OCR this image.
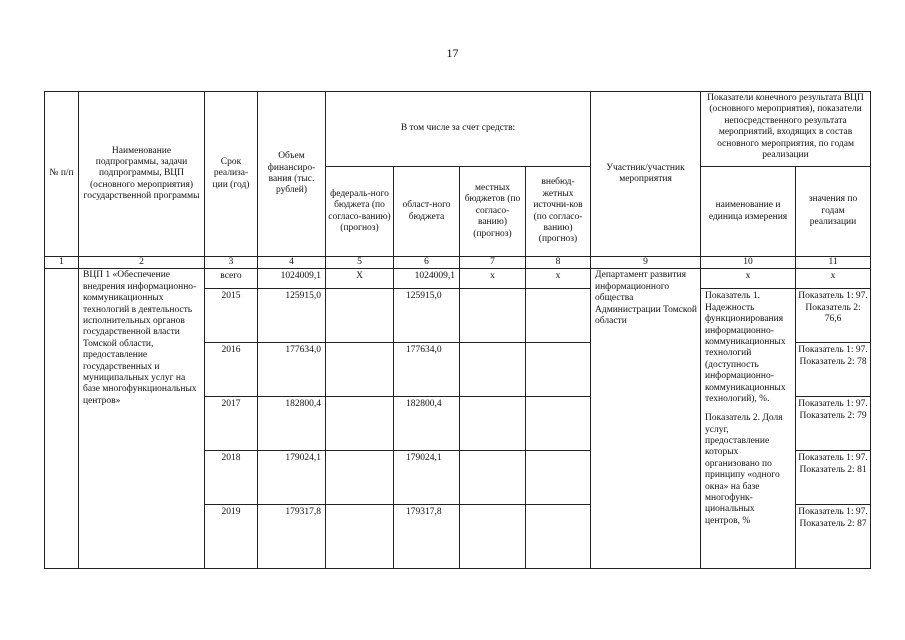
17
№ п/п	Наименование подпрограммы, задачи подпрограммы, ВЦП (основного мероприятия) государственной программы	Срок реализа-ции (год)	Объем финансиро-вания (тыс. рублей)	В том числе за счет средств:				Участник/участник мероприятия	Показатели конечного результата ВЦП (основного мероприятия), показатели непосредственного результата мероприятий, входящих в состав основного мероприятия, по годам реализации	
				федераль-ного бюджета (по согласо-ванию) (прогноз)	област-ного бюджета	местных бюджетов (по согласо-ванию) (прогноз)	внебюд-жетных источни-ков (по согласо-ванию) (прогноз)		наименование и единица измерения	значения по годам реализации
1	2	3	4	5	6	7	8	9	10	11
	ВЦП 1 «Обеспечение внедрения информационно-коммуникационных технологий в деятельность исполнительных органов государственной власти Томской области, предоставление государственных и муниципальных услуг на базе многофункциональных центров»	всего	1024009,1	Х	1024009,1	х	х	Департамент развития информационного общества Администрации Томской области	х	х
		2015	125915,0		125915,0				Показатель 1. Надежность функционирования информационно-коммуникационных технологий (доступность информационно-коммуникационных технологий), %.
Показатель 2. Доля услуг, предоставление которых организовано по принципу «одного окна» на базе многофунк-циональных центров, %	Показатель 1: 97.
Показатель 2: 76,6

		2016	177634,0		177634,0					Показатель 1: 97.
Показатель 2: 78

		2017	182800,4		182800,4					Показатель 1: 97.
Показатель 2: 79

		2018	179024,1		179024,1					Показатель 1: 97.
Показатель 2: 81

		2019	179317,8		179317,8					Показатель 1: 97.
Показатель 2: 87
